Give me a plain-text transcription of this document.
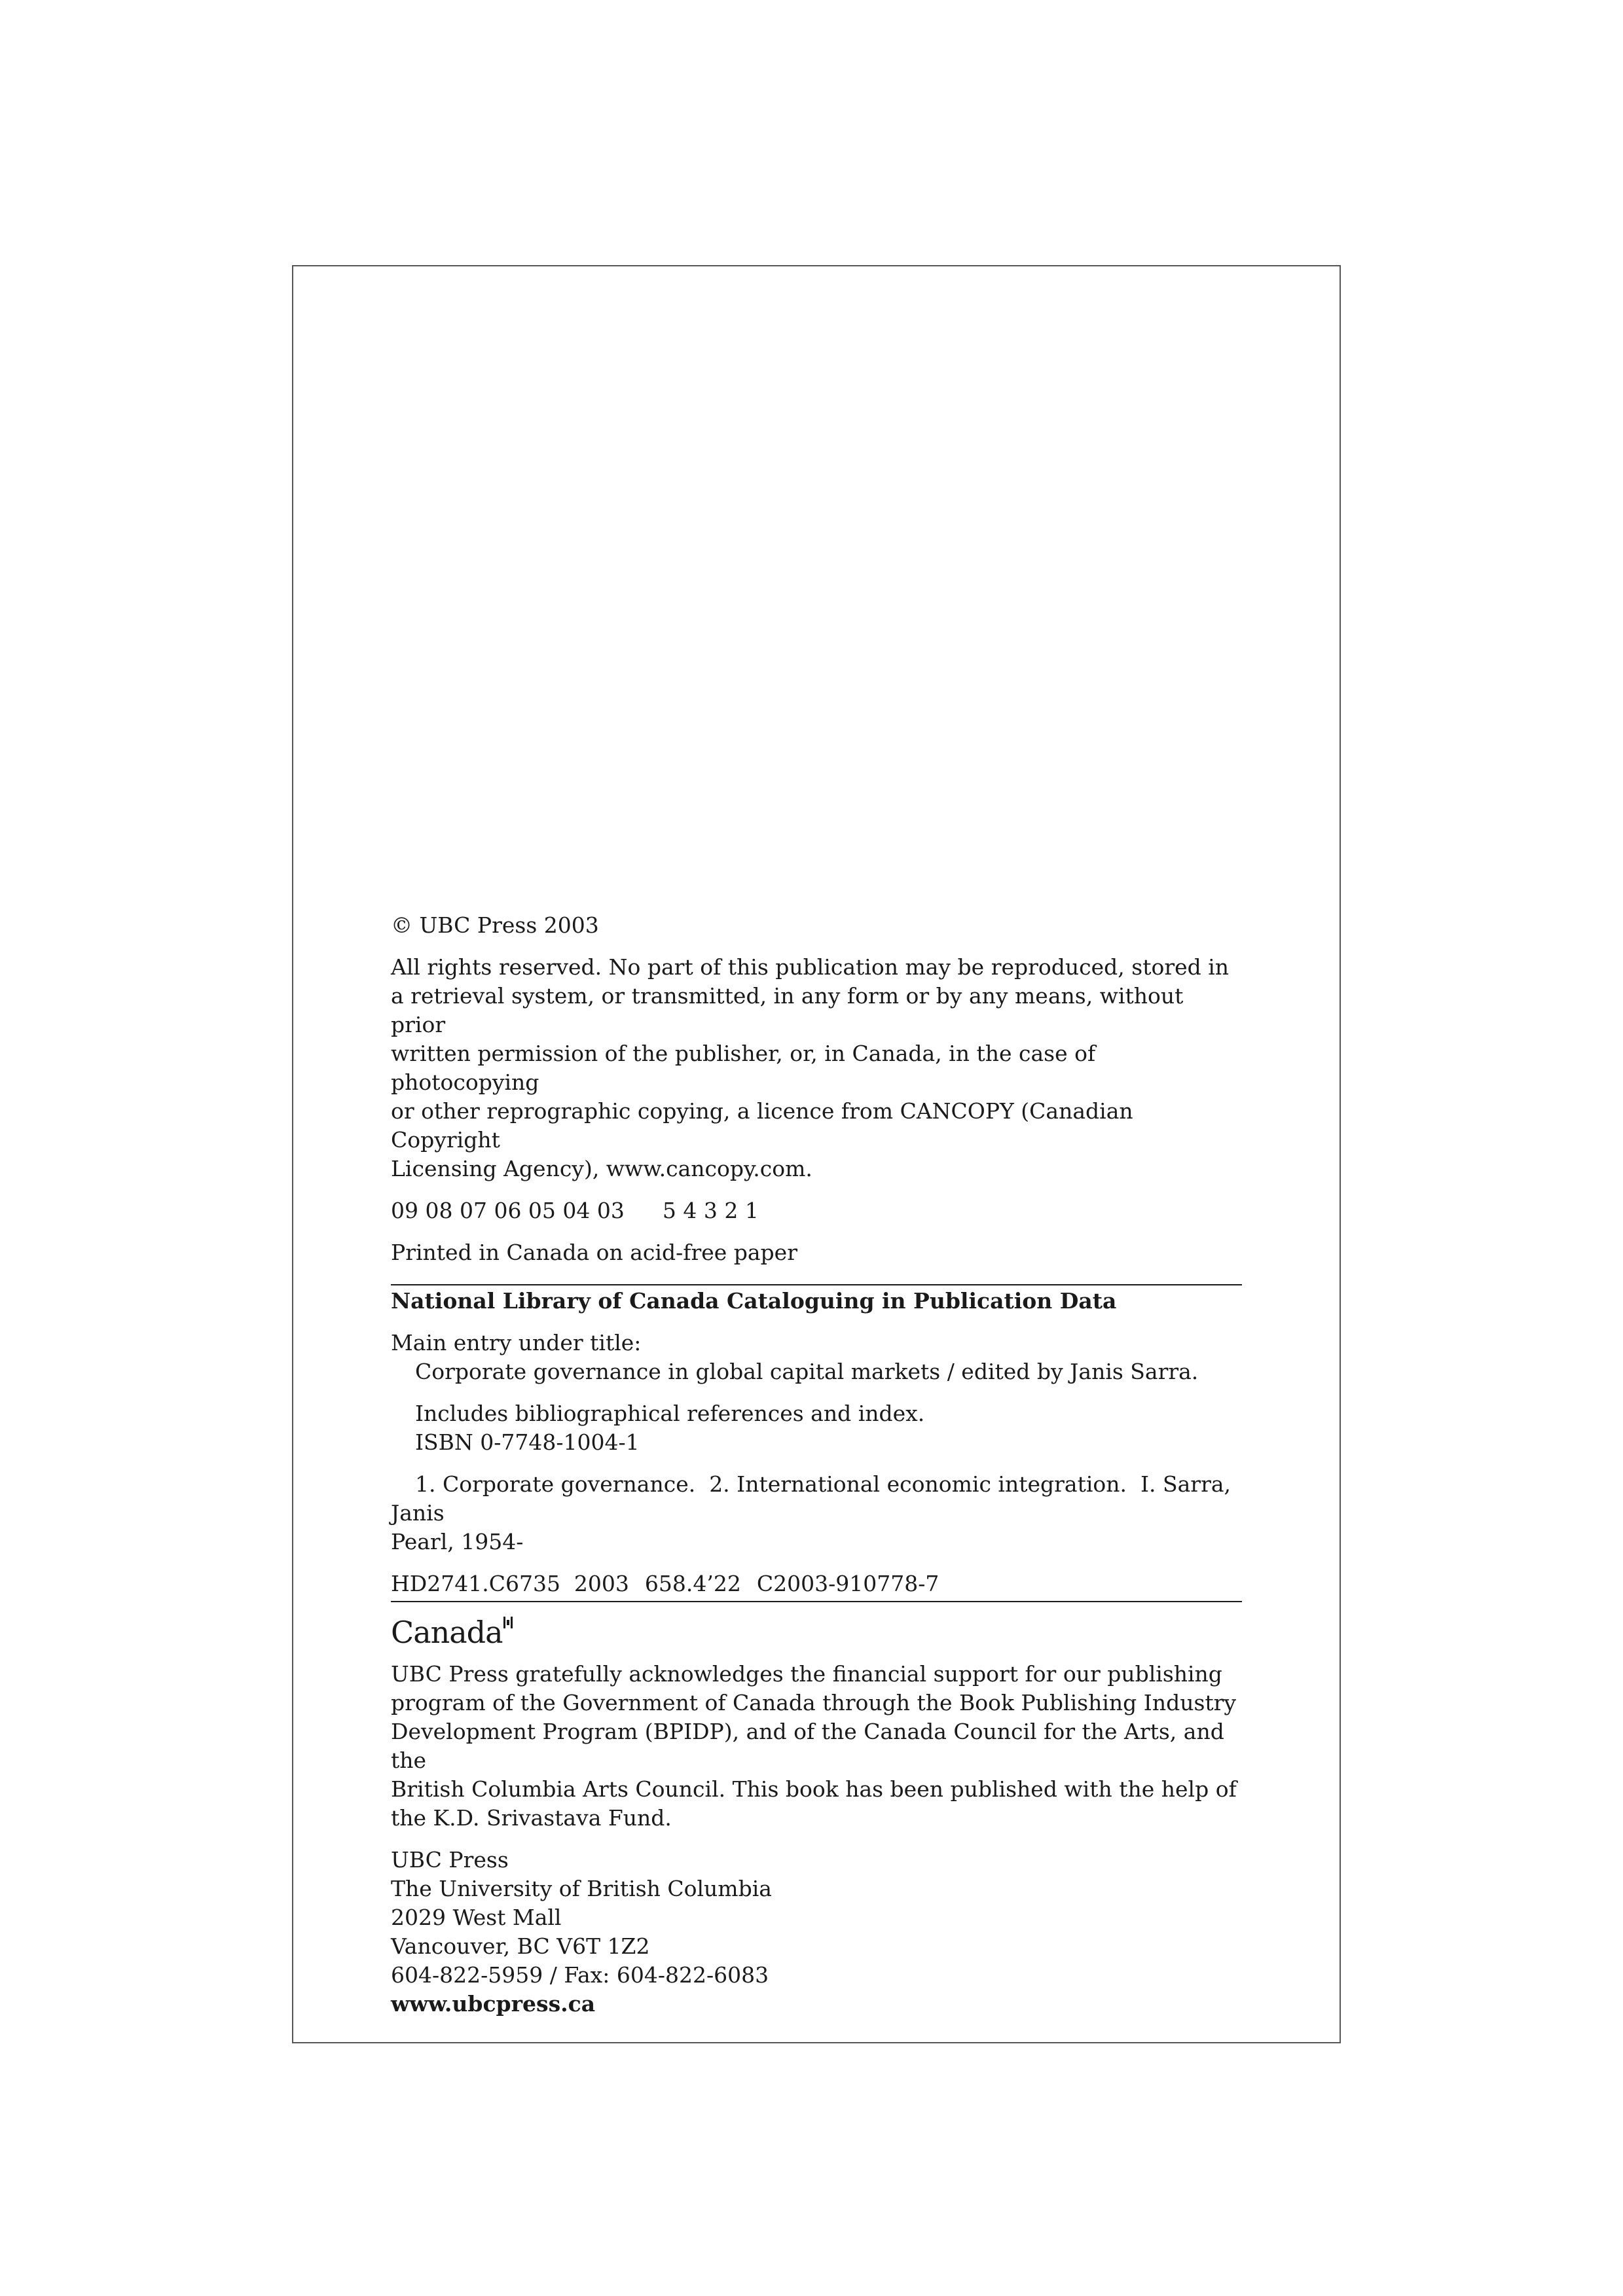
© UBC Press 2003

All rights reserved. No part of this publication may be reproduced, stored in

a retrieval system, or transmitted, in any form or by any means, without prior

written permission of the publisher, or, in Canada, in the case of photocopying

or other reprographic copying, a licence from CANCOPY (Canadian Copyright

Licensing Agency), www.cancopy.com.

09 08 07 06 05 04 03 5 4 3 2 1

Printed in Canada on acid-free paper

National Library of Canada Cataloguing in Publication Data

Main entry under title:

Corporate governance in global capital markets / edited by Janis Sarra.

Includes bibliographical references and index.

ISBN 0-7748-1004-1

1. Corporate governance.  2. International economic integration.  I. Sarra, Janis

Pearl, 1954-

HD2741.C6735  2003 658.4’22 C2003-910778-7

Canada

UBC Press gratefully acknowledges the financial support for our publishing

program of the Government of Canada through the Book Publishing Industry

Development Program (BPIDP), and of the Canada Council for the Arts, and the

British Columbia Arts Council. This book has been published with the help of

the K.D. Srivastava Fund.

UBC Press

The University of British Columbia

2029 West Mall

Vancouver, BC V6T 1Z2

604-822-5959 / Fax: 604-822-6083

www.ubcpress.ca
